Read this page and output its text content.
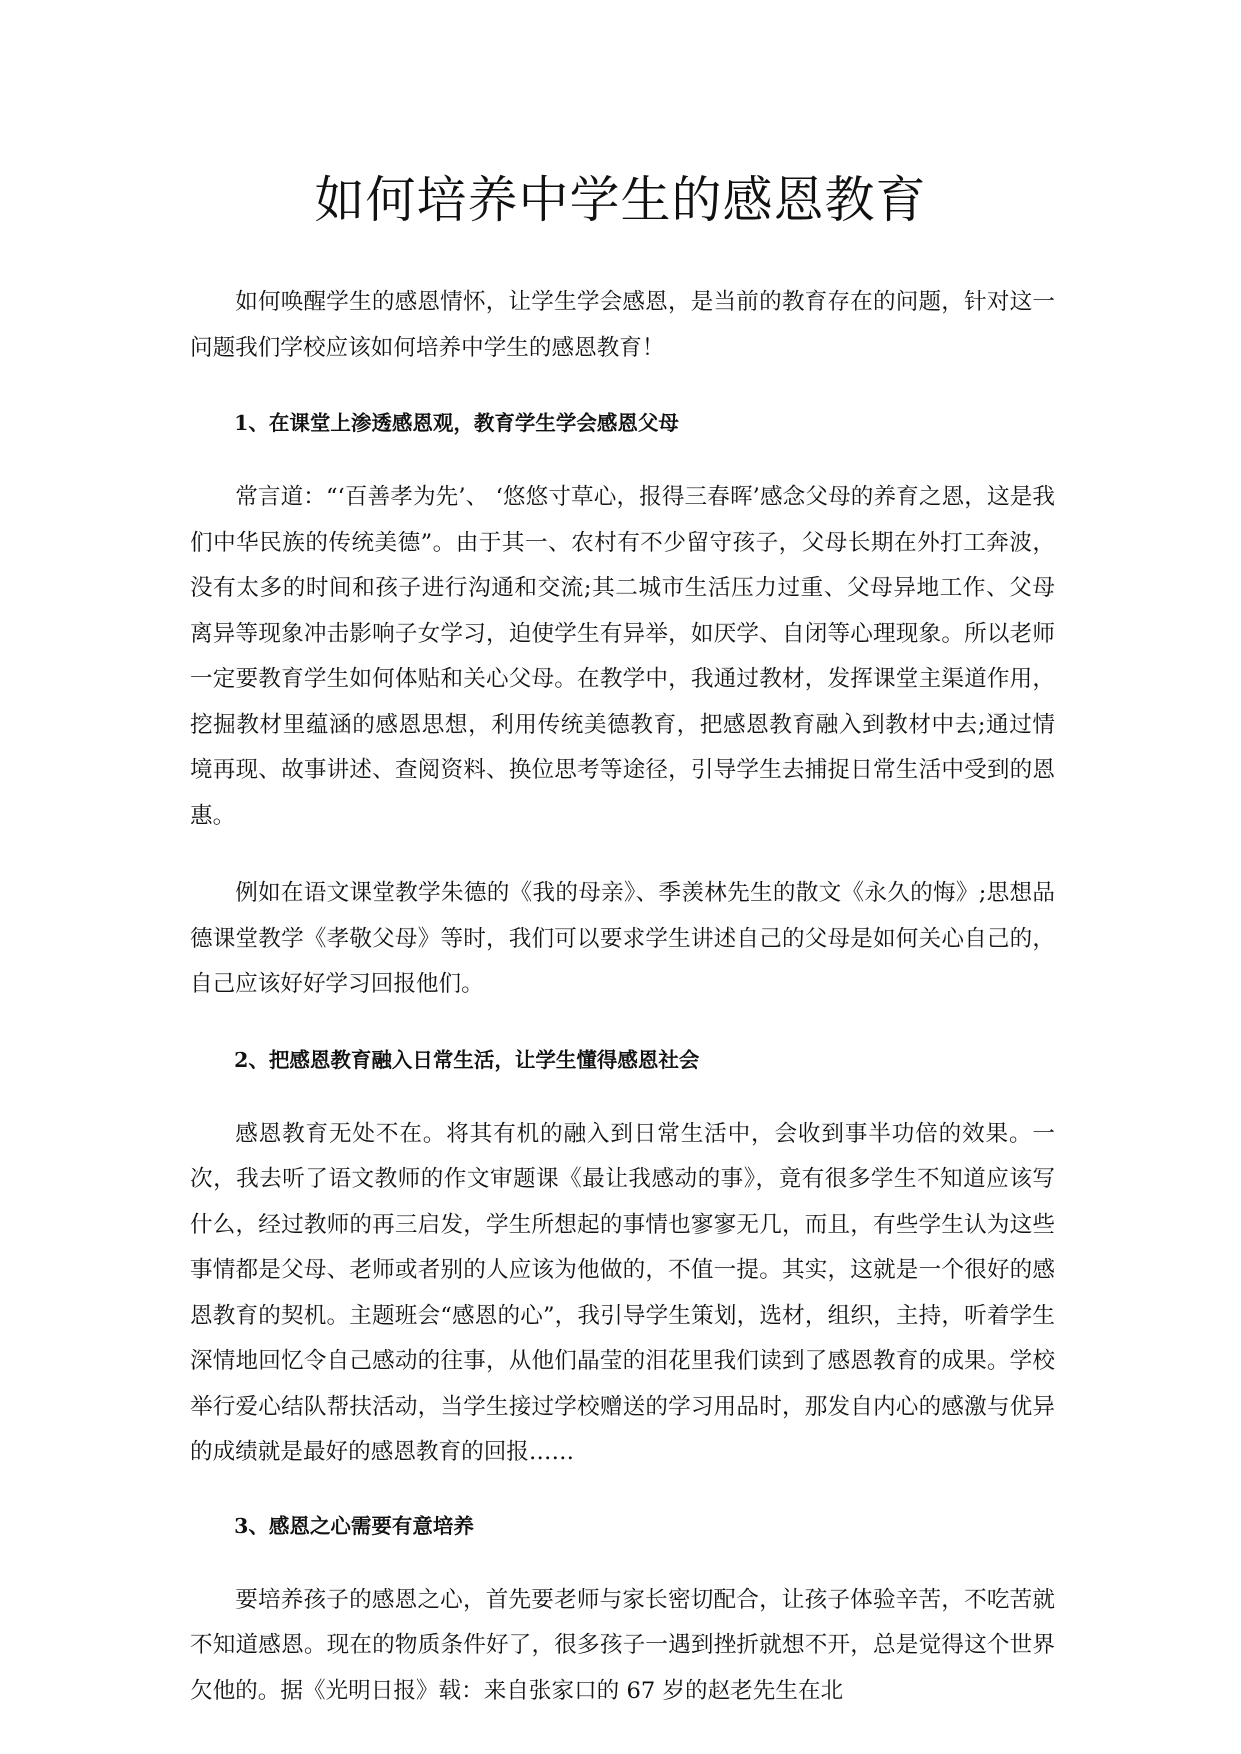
如何培养中学生的感恩教育

如何唤醒学生的感恩情怀，让学生学会感恩，是当前的教育存在的问题，针对这一问题我们学校应该如何培养中学生的感恩教育！

1、在课堂上渗透感恩观，教育学生学会感恩父母

常言道：“‘百善孝为先’、 ‘悠悠寸草心，报得三春晖’感念父母的养育之恩，这是我们中华民族的传统美德”。由于其一、农村有不少留守孩子，父母长期在外打工奔波，没有太多的时间和孩子进行沟通和交流;其二城市生活压力过重、父母异地工作、父母离异等现象冲击影响子女学习，迫使学生有异举，如厌学、自闭等心理现象。所以老师一定要教育学生如何体贴和关心父母。在教学中，我通过教材，发挥课堂主渠道作用，挖掘教材里蕴涵的感恩思想，利用传统美德教育，把感恩教育融入到教材中去;通过情境再现、故事讲述、查阅资料、换位思考等途径，引导学生去捕捉日常生活中受到的恩惠。

例如在语文课堂教学朱德的《我的母亲》、季羡林先生的散文《永久的悔》;思想品德课堂教学《孝敬父母》等时，我们可以要求学生讲述自己的父母是如何关心自己的，自己应该好好学习回报他们。

2、把感恩教育融入日常生活，让学生懂得感恩社会

感恩教育无处不在。将其有机的融入到日常生活中，会收到事半功倍的效果。一次，我去听了语文教师的作文审题课《最让我感动的事》，竟有很多学生不知道应该写什么，经过教师的再三启发，学生所想起的事情也寥寥无几，而且，有些学生认为这些事情都是父母、老师或者别的人应该为他做的，不值一提。其实，这就是一个很好的感恩教育的契机。主题班会“感恩的心”，我引导学生策划，选材，组织，主持，听着学生深情地回忆令自己感动的往事，从他们晶莹的泪花里我们读到了感恩教育的成果。学校举行爱心结队帮扶活动，当学生接过学校赠送的学习用品时，那发自内心的感激与优异的成绩就是最好的感恩教育的回报……

3、感恩之心需要有意培养

要培养孩子的感恩之心，首先要老师与家长密切配合，让孩子体验辛苦，不吃苦就不知道感恩。现在的物质条件好了，很多孩子一遇到挫折就想不开，总是觉得这个世界欠他的。据《光明日报》载：来自张家口的 67 岁的赵老先生在北
